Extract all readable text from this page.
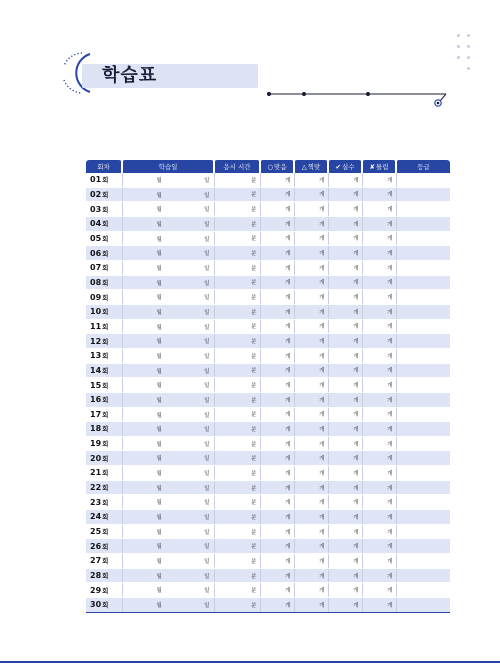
학습표
회차	학습일	응시 시간	○맞음	△찍맞	✔실수	✘틀림	등급
01회	월 일	분	개	개	개	개	
02회	월 일	분	개	개	개	개	
03회	월 일	분	개	개	개	개	
04회	월 일	분	개	개	개	개	
05회	월 일	분	개	개	개	개	
06회	월 일	분	개	개	개	개	
07회	월 일	분	개	개	개	개	
08회	월 일	분	개	개	개	개	
09회	월 일	분	개	개	개	개	
10회	월 일	분	개	개	개	개	
11회	월 일	분	개	개	개	개	
12회	월 일	분	개	개	개	개	
13회	월 일	분	개	개	개	개	
14회	월 일	분	개	개	개	개	
15회	월 일	분	개	개	개	개	
16회	월 일	분	개	개	개	개	
17회	월 일	분	개	개	개	개	
18회	월 일	분	개	개	개	개	
19회	월 일	분	개	개	개	개	
20회	월 일	분	개	개	개	개	
21회	월 일	분	개	개	개	개	
22회	월 일	분	개	개	개	개	
23회	월 일	분	개	개	개	개	
24회	월 일	분	개	개	개	개	
25회	월 일	분	개	개	개	개	
26회	월 일	분	개	개	개	개	
27회	월 일	분	개	개	개	개	
28회	월 일	분	개	개	개	개	
29회	월 일	분	개	개	개	개	
30회	월 일	분	개	개	개	개	
